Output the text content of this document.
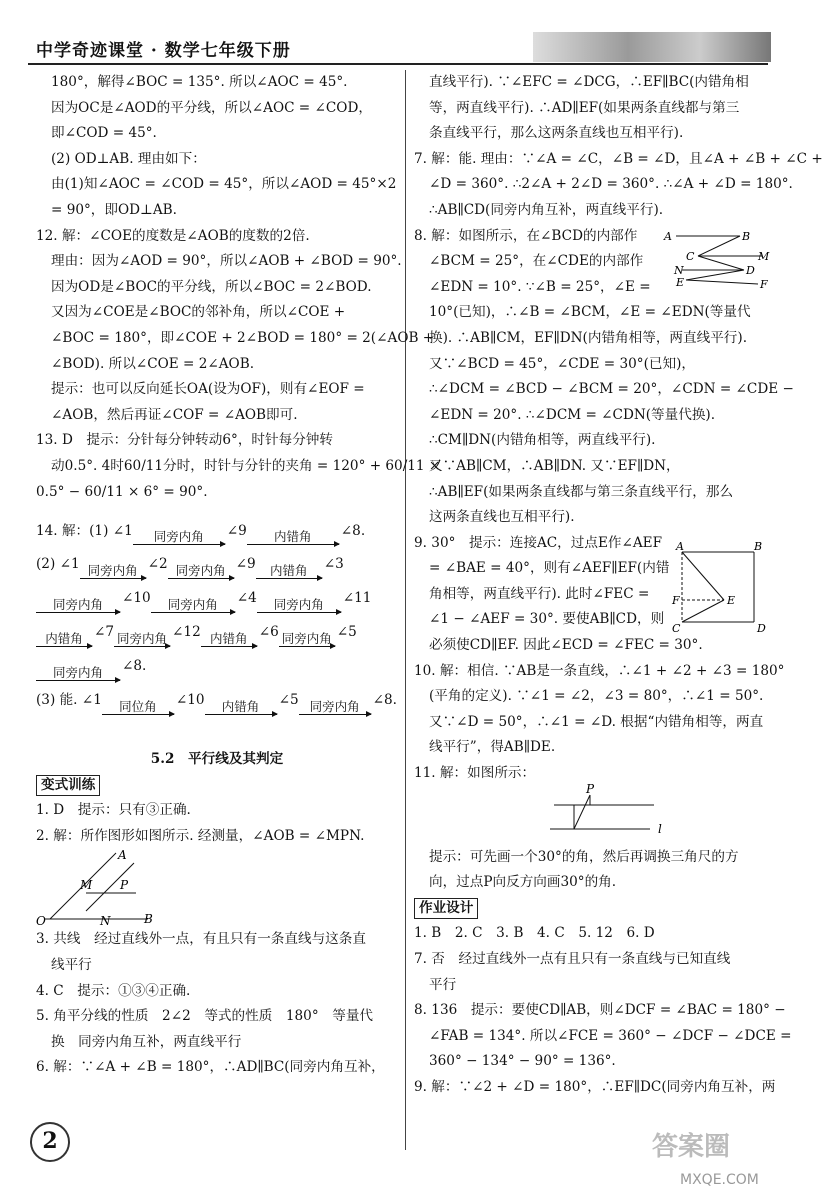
中学奇迹课堂 · 数学七年级下册
180°，解得∠BOC = 135°. 所以∠AOC = 45°.
因为OC是∠AOD的平分线，所以∠AOC = ∠COD，
即∠COD = 45°.
(2) OD⊥AB. 理由如下：
由(1)知∠AOC = ∠COD = 45°，所以∠AOD = 45°×2
= 90°，即OD⊥AB.
12. 解：∠COE的度数是∠AOB的度数的2倍.
理由：因为∠AOD = 90°，所以∠AOB + ∠BOD = 90°.
因为OD是∠BOC的平分线，所以∠BOC = 2∠BOD.
又因为∠COE是∠BOC的邻补角，所以∠COE +
∠BOC = 180°，即∠COE + 2∠BOD = 180° = 2(∠AOB +
∠BOD). 所以∠COE = 2∠AOB.
提示：也可以反向延长OA(设为OF)，则有∠EOF =
∠AOB，然后再证∠COF = ∠AOB即可.
13. D　提示：分针每分钟转动6°，时针每分钟转
动0.5°. 4时60/11分时，时针与分针的夹角 = 120° + 60/11 ×
0.5° − 60/11 × 6° = 90°.
14. 解：(1) ∠1	同旁内角	∠9	内错角	∠8.
(2) ∠1 同旁内角 ∠2 同旁内角 ∠9	内错角	∠3
同旁内角	∠10	同旁内角	∠4	同旁内角	∠11
内错角 ∠7 同旁内角 ∠12 内错角 ∠6 同旁内角 ∠5
同旁内角	∠8.
(3) 能. ∠1	同位角	∠10	内错角	∠5 同旁内角 ∠8.
5.2　平行线及其判定
变式训练
1. D　提示：只有③正确.
2. 解：所作图形如图所示. 经测量，∠AOB = ∠MPN.
A
M P
N
O	B
3. 共线　经过直线外一点，有且只有一条直线与这条直
线平行
4. C　提示：①③④正确.
5. 角平分线的性质　2∠2　等式的性质　180°　等量代
换　同旁内角互补，两直线平行
6. 解：∵∠A + ∠B = 180°，∴AD∥BC(同旁内角互补，
直线平行). ∵∠EFC = ∠DCG，∴EF∥BC(内错角相
等，两直线平行). ∴AD∥EF(如果两条直线都与第三
条直线平行，那么这两条直线也互相平行).
7. 解：能. 理由：∵∠A = ∠C，∠B = ∠D，且∠A + ∠B + ∠C +
∠D = 360°. ∴2∠A + 2∠D = 360°. ∴∠A + ∠D = 180°.
∴AB∥CD(同旁内角互补，两直线平行).
8. 解：如图所示，在∠BCD的内部作
∠BCM = 25°，在∠CDE的内部作
∠EDN = 10°. ∵∠B = 25°，∠E =
10°(已知)，∴∠B = ∠BCM，∠E = ∠EDN(等量代
换). ∴AB∥CM，EF∥DN(内错角相等，两直线平行).
又∵∠BCD = 45°，∠CDE = 30°(已知)，
∴∠DCM = ∠BCD − ∠BCM = 20°，∠CDN = ∠CDE −
∠EDN = 20°. ∴∠DCM = ∠CDN(等量代换).
∴CM∥DN(内错角相等，两直线平行).
又∵AB∥CM，∴AB∥DN. 又∵EF∥DN，
∴AB∥EF(如果两条直线都与第三条直线平行，那么
这两条直线也互相平行).
9. 30°　提示：连接AC，过点E作∠AEF
= ∠BAE = 40°，则有∠AEF∥EF(内错
角相等，两直线平行). 此时∠FEC =
∠1 − ∠AEF = 30°. 要使AB∥CD，则
必须使CD∥EF. 因此∠ECD = ∠FEC = 30°.
10. 解：相信. ∵AB是一条直线，∴∠1 + ∠2 + ∠3 = 180°
(平角的定义). ∵∠1 = ∠2，∠3 = 80°，∴∠1 = 50°.
又∵∠D = 50°，∴∠1 = ∠D. 根据“内错角相等，两直
线平行”，得AB∥DE.
11. 解：如图所示：
P
l
提示：可先画一个30°的角，然后再调换三角尺的方
向，过点P向反方向画30°的角.
作业设计
1. B　2. C　3. B　4. C　5. 12　6. D
7. 否　经过直线外一点有且只有一条直线与已知直线
平行
8. 136　提示：要使CD∥AB，则∠DCF = ∠BAC = 180° −
∠FAB = 134°. 所以∠FCE = 360° − ∠DCF − ∠DCE =
360° − 134° − 90° = 136°.
9. 解：∵∠2 + ∠D = 180°，∴EF∥DC(同旁内角互补，两
A	B
C	M
N	D
E	F
A	B
F	E
C	D
2	答案圈
MXQE.COM
